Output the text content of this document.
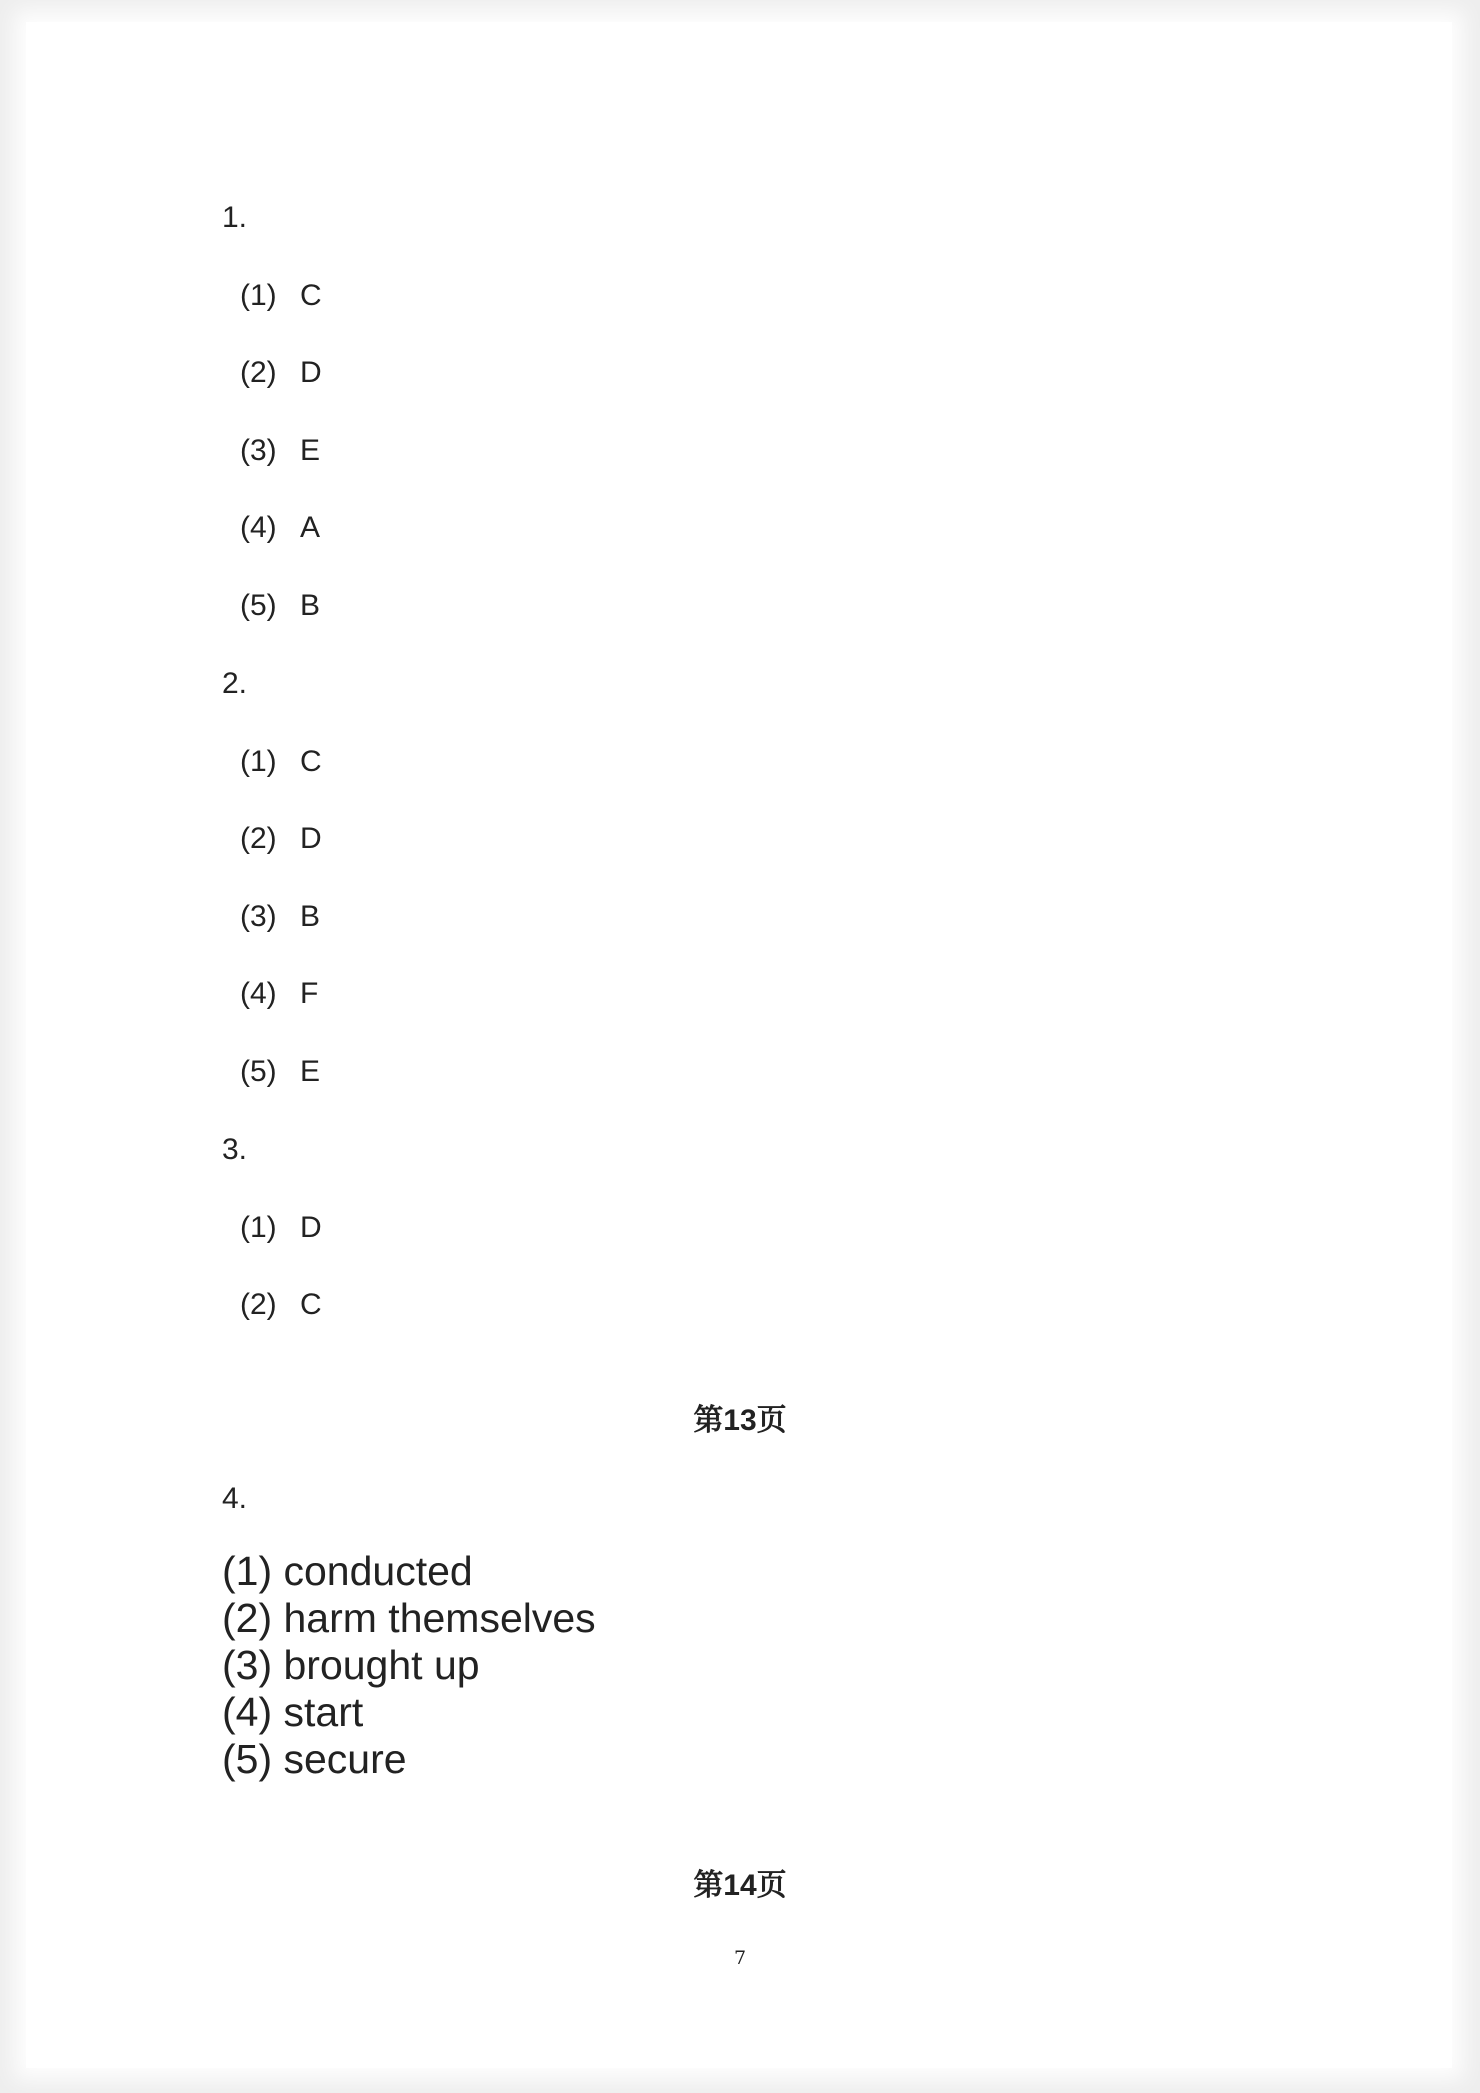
1.
(1) C
(2) D
(3) E
(4) A
(5) B
2.
(1) C
(2) D
(3) B
(4) F
(5) E
3.
(1) D
(2) C
第13页
4.
(1) conducted
(2) harm themselves
(3) brought up
(4) start
(5) secure
第14页
7
